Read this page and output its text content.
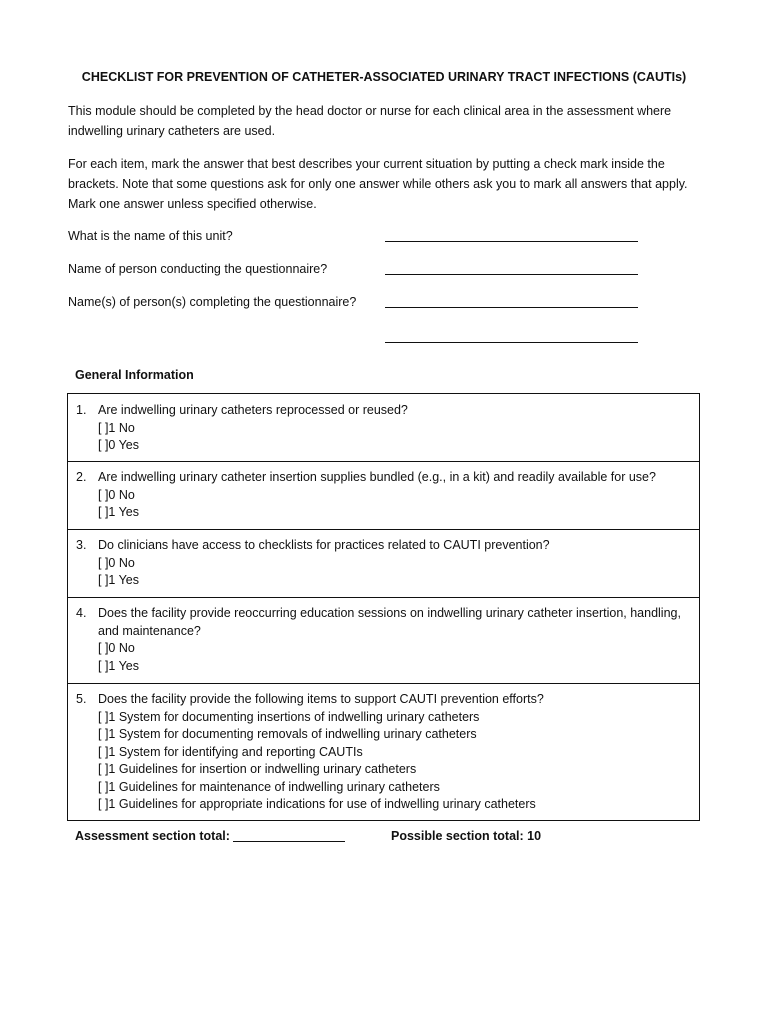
CHECKLIST FOR PREVENTION OF CATHETER-ASSOCIATED URINARY TRACT INFECTIONS (CAUTIs)
This module should be completed by the head doctor or nurse for each clinical area in the assessment where indwelling urinary catheters are used.
For each item, mark the answer that best describes your current situation by putting a check mark inside the brackets. Note that some questions ask for only one answer while others ask you to mark all answers that apply. Mark one answer unless specified otherwise.
What is the name of this unit?
Name of person conducting the questionnaire?
Name(s) of person(s) completing the questionnaire?
General Information
1. Are indwelling urinary catheters reprocessed or reused?
[ ]1 No
[ ]0 Yes
2. Are indwelling urinary catheter insertion supplies bundled (e.g., in a kit) and readily available for use?
[ ]0 No
[ ]1 Yes
3. Do clinicians have access to checklists for practices related to CAUTI prevention?
[ ]0 No
[ ]1 Yes
4. Does the facility provide reoccurring education sessions on indwelling urinary catheter insertion, handling, and maintenance?
[ ]0 No
[ ]1 Yes
5. Does the facility provide the following items to support CAUTI prevention efforts?
[ ]1 System for documenting insertions of indwelling urinary catheters
[ ]1 System for documenting removals of indwelling urinary catheters
[ ]1 System for identifying and reporting CAUTIs
[ ]1 Guidelines for insertion or indwelling urinary catheters
[ ]1 Guidelines for maintenance of indwelling urinary catheters
[ ]1 Guidelines for appropriate indications for use of indwelling urinary catheters
Assessment section total:	Possible section total: 10
